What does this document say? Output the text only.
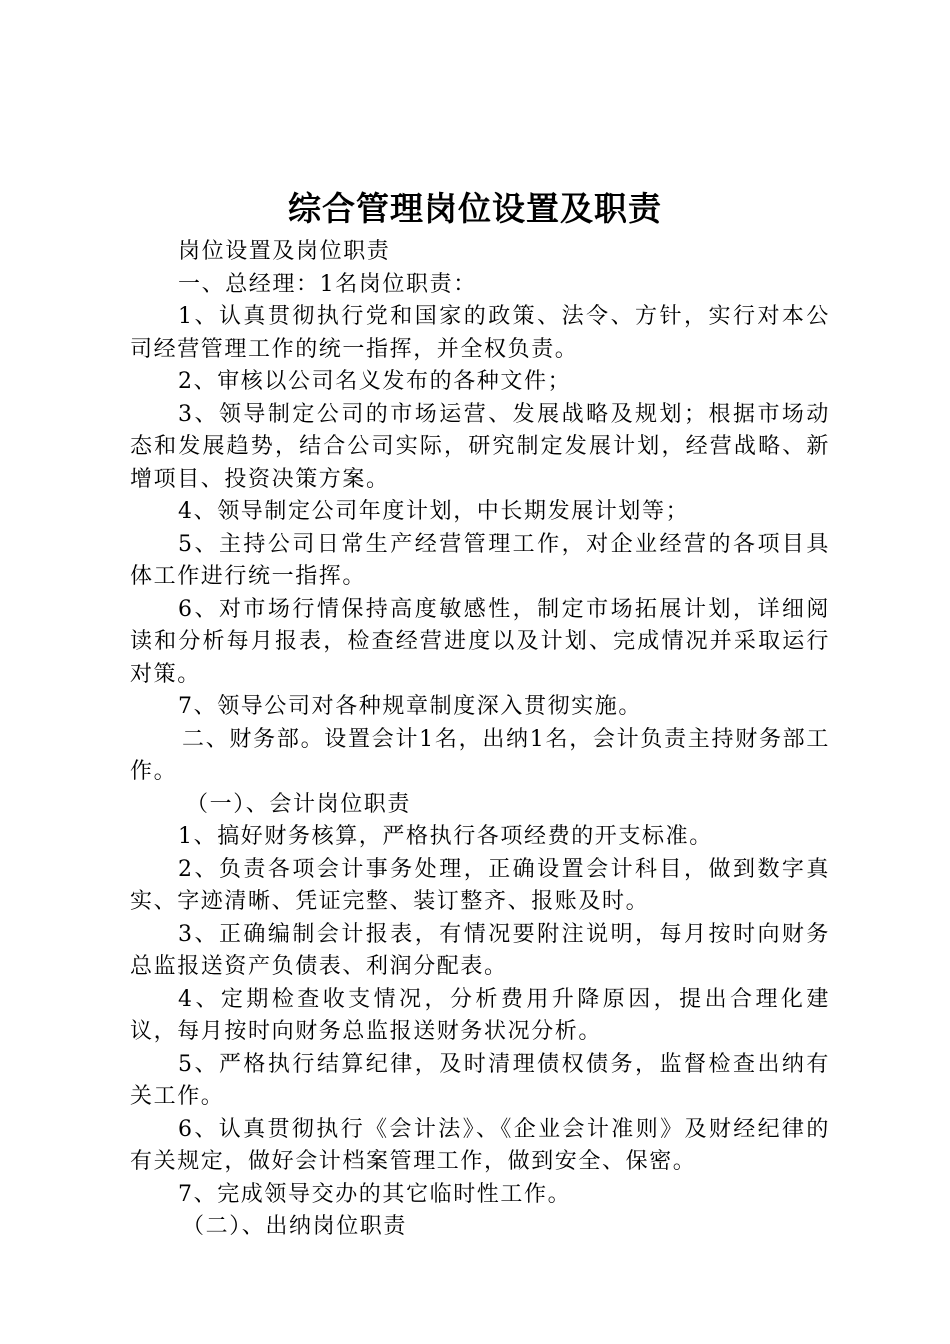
综合管理岗位设置及职责

岗位设置及岗位职责

一、总经理：1名岗位职责：

1、认真贯彻执行党和国家的政策、法令、方针，实行对本公司经营管理工作的统一指挥，并全权负责。

2、审核以公司名义发布的各种文件；

3、领导制定公司的市场运营、发展战略及规划；根据市场动态和发展趋势，结合公司实际，研究制定发展计划，经营战略、新增项目、投资决策方案。

4、领导制定公司年度计划，中长期发展计划等；

5、主持公司日常生产经营管理工作，对企业经营的各项目具体工作进行统一指挥。

6、对市场行情保持高度敏感性，制定市场拓展计划，详细阅读和分析每月报表，检查经营进度以及计划、完成情况并采取运行对策。

7、领导公司对各种规章制度深入贯彻实施。

二、财务部。设置会计1名，出纳1名，会计负责主持财务部工作。

（一）、会计岗位职责

1、搞好财务核算，严格执行各项经费的开支标准。

2、负责各项会计事务处理，正确设置会计科目，做到数字真实、字迹清晰、凭证完整、装订整齐、报账及时。

3、正确编制会计报表，有情况要附注说明，每月按时向财务总监报送资产负债表、利润分配表。

4、定期检查收支情况，分析费用升降原因，提出合理化建议，每月按时向财务总监报送财务状况分析。

5、严格执行结算纪律，及时清理债权债务，监督检查出纳有关工作。

6、认真贯彻执行《会计法》、《企业会计准则》及财经纪律的有关规定，做好会计档案管理工作，做到安全、保密。

7、完成领导交办的其它临时性工作。

（二）、出纳岗位职责
